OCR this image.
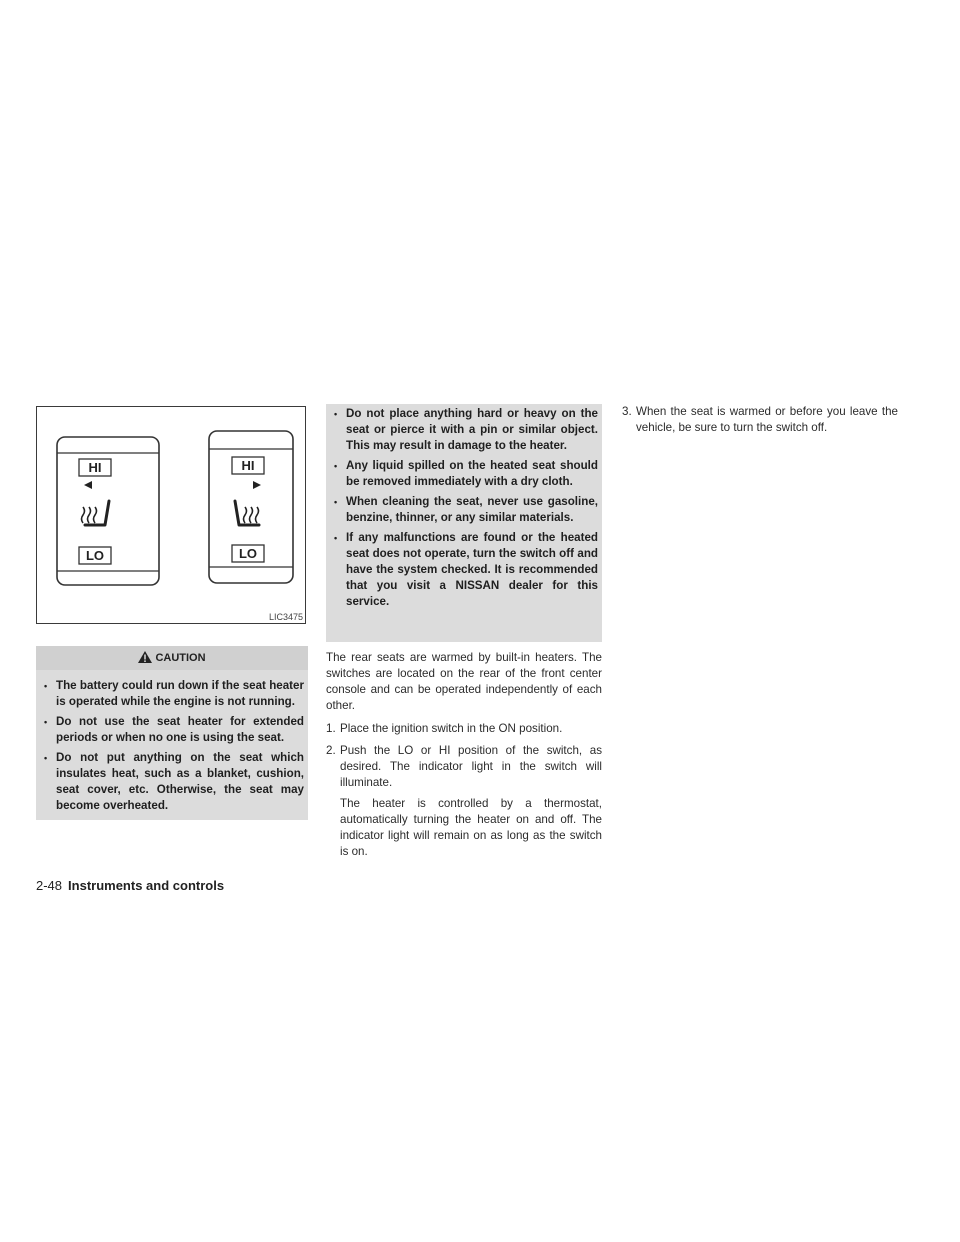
HI
LO
HI
LO
LIC3475
CAUTION
• The battery could run down if the seat heater is operated while the engine is not running.
• Do not use the seat heater for extended periods or when no one is using the seat.
• Do not put anything on the seat which insulates heat, such as a blanket, cushion, seat cover, etc. Otherwise, the seat may become overheated.
• Do not place anything hard or heavy on the seat or pierce it with a pin or similar object. This may result in damage to the heater.
• Any liquid spilled on the heated seat should be removed immediately with a dry cloth.
• When cleaning the seat, never use gasoline, benzine, thinner, or any similar materials.
• If any malfunctions are found or the heated seat does not operate, turn the switch off and have the system checked. It is recommended that you visit a NISSAN dealer for this service.

The rear seats are warmed by built-in heaters. The switches are located on the rear of the front center console and can be operated independently of each other.

1. Place the ignition switch in the ON position.
2. Push the LO or HI position of the switch, as desired. The indicator light in the switch will illuminate.
The heater is controlled by a thermostat, automatically turning the heater on and off. The indicator light will remain on as long as the switch is on.
3. When the seat is warmed or before you leave the vehicle, be sure to turn the switch off.
2-48 Instruments and controls
